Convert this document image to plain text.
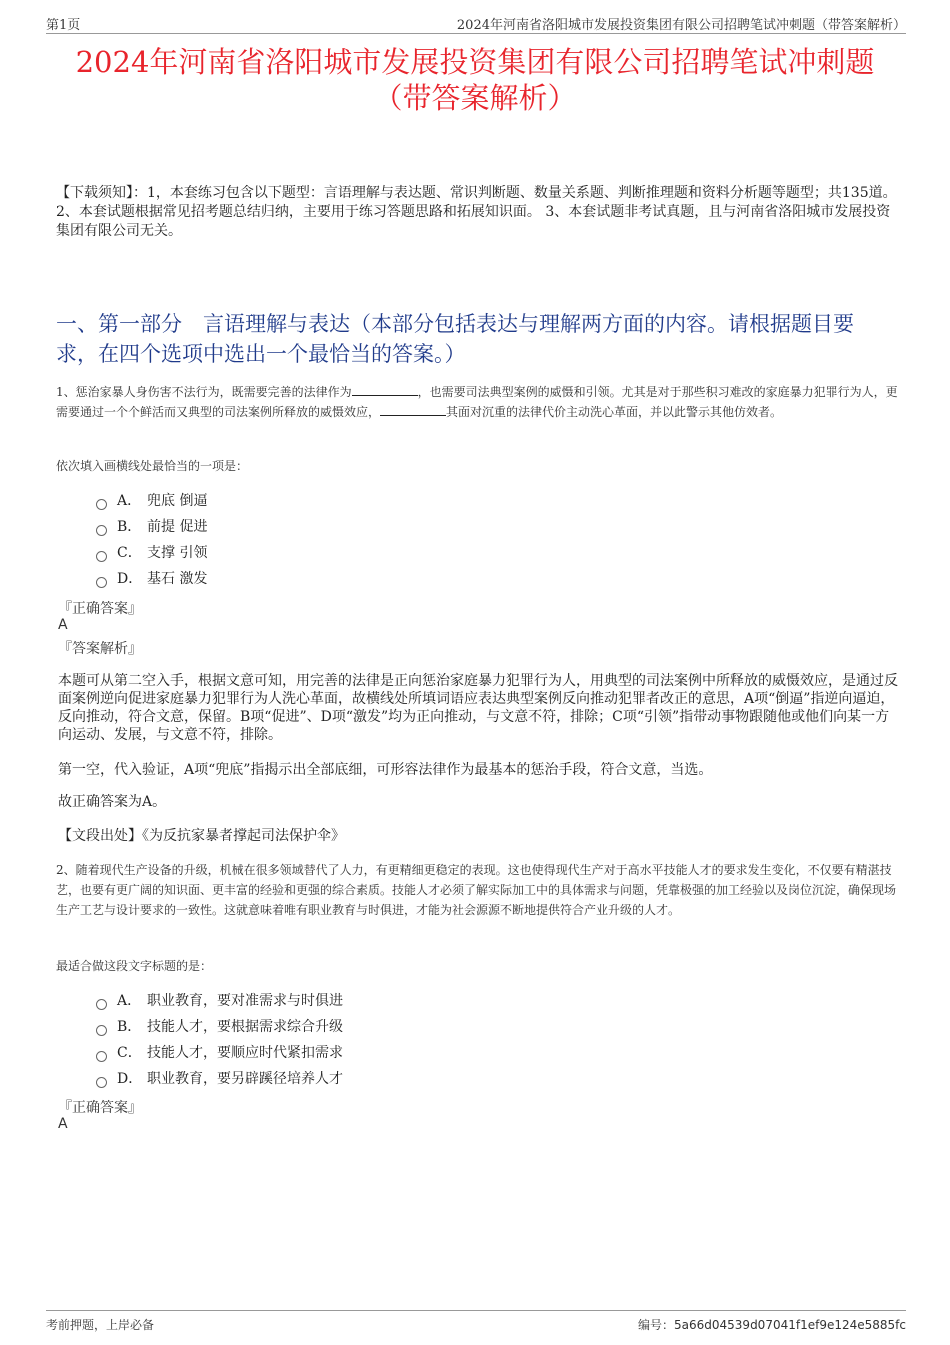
第1页	2024年河南省洛阳城市发展投资集团有限公司招聘笔试冲刺题（带答案解析）
2024年河南省洛阳城市发展投资集团有限公司招聘笔试冲刺题
（带答案解析）
【下载须知】：1，本套练习包含以下题型：言语理解与表达题、常识判断题、数量关系题、判断推理题和资料分析题等题型；共135道。 2、本套试题根据常见招考题总结归纳，主要用于练习答题思路和拓展知识面。 3、本套试题非考试真题，且与河南省洛阳城市发展投资集团有限公司无关。
一、第一部分　言语理解与表达（本部分包括表达与理解两方面的内容。请根据题目要求，在四个选项中选出一个最恰当的答案。）
1、惩治家暴人身伤害不法行为，既需要完善的法律作为	，也需要司法典型案例的威慑和引领。尤其是对于那些积习难改的家庭暴力犯罪行为人，更需要通过一个个鲜活而又典型的司法案例所释放的威慑效应，	其面对沉重的法律代价主动洗心革面，并以此警示其他仿效者。
依次填入画横线处最恰当的一项是：
A． 兜底 倒逼
B． 前提 促进
C． 支撑 引领
D． 基石 激发
『正确答案』
A
『答案解析』
本题可从第二空入手，根据文意可知，用完善的法律是正向惩治家庭暴力犯罪行为人，用典型的司法案例中所释放的威慑效应，是通过反面案例逆向促进家庭暴力犯罪行为人洗心革面，故横线处所填词语应表达典型案例反向推动犯罪者改正的意思，A项“倒逼”指逆向逼迫，反向推动，符合文意，保留。B项“促进”、D项“激发”均为正向推动，与文意不符，排除；C项“引领”指带动事物跟随他或他们向某一方向运动、发展，与文意不符，排除。
第一空，代入验证，A项“兜底”指揭示出全部底细，可形容法律作为最基本的惩治手段，符合文意，当选。
故正确答案为A。
【文段出处】《为反抗家暴者撑起司法保护伞》
2、随着现代生产设备的升级，机械在很多领域替代了人力，有更精细更稳定的表现。这也使得现代生产对于高水平技能人才的要求发生变化，不仅要有精湛技艺，也要有更广阔的知识面、更丰富的经验和更强的综合素质。技能人才必须了解实际加工中的具体需求与问题，凭靠极强的加工经验以及岗位沉淀，确保现场生产工艺与设计要求的一致性。这就意味着唯有职业教育与时俱进，才能为社会源源不断地提供符合产业升级的人才。
最适合做这段文字标题的是：
A． 职业教育，要对准需求与时俱进
B． 技能人才，要根据需求综合升级
C． 技能人才，要顺应时代紧扣需求
D． 职业教育，要另辟蹊径培养人才
『正确答案』
A
考前押题，上岸必备	编号：5a66d04539d07041f1ef9e124e5885fc
